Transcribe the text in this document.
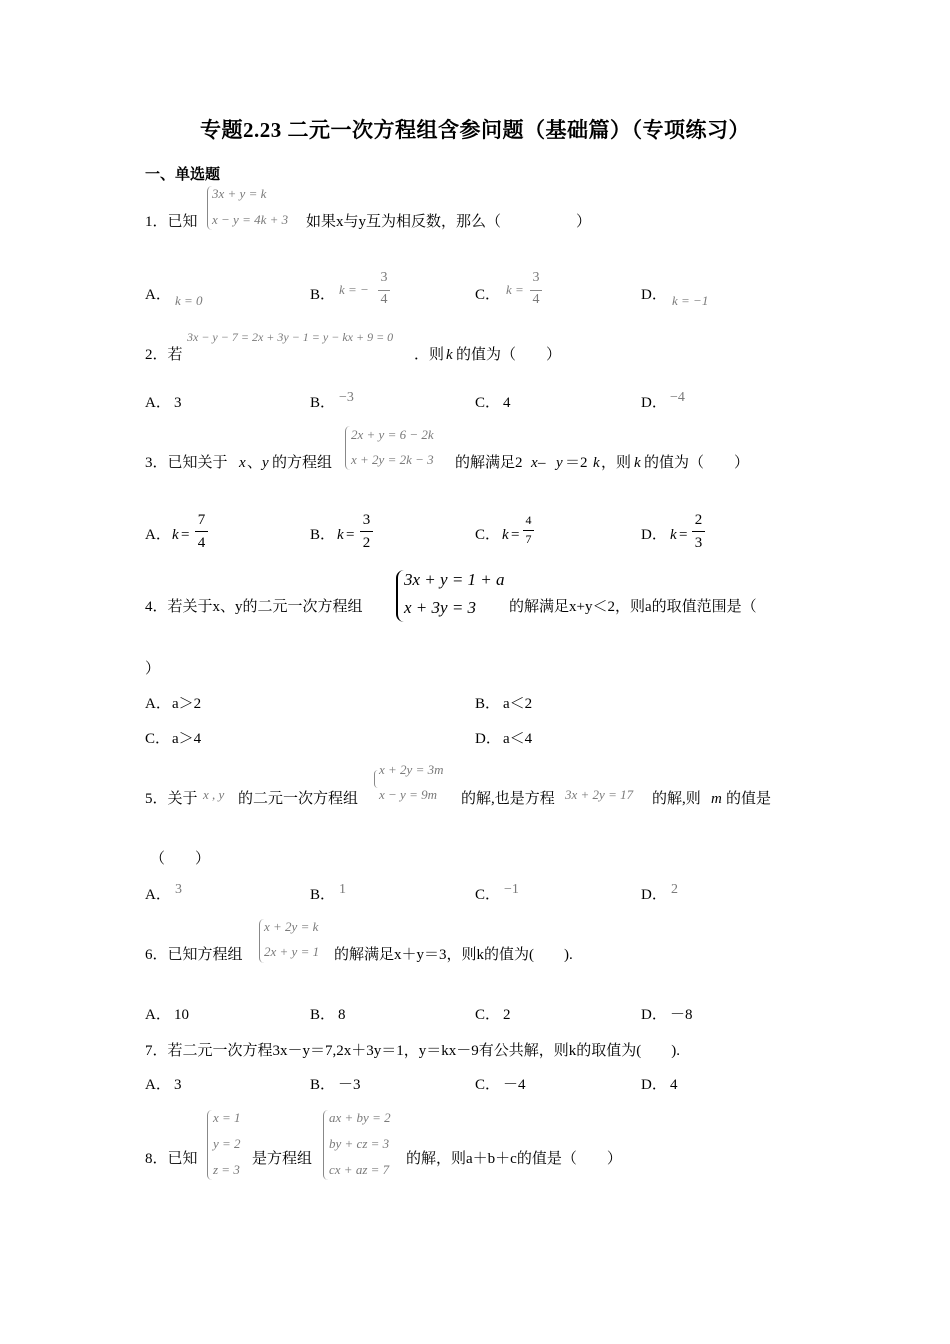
专题2.23 二元一次方程组含参问题（基础篇）（专项练习）
一、单选题
1．已知
3x + y = k
x − y = 4k + 3 如果x与y互为相反数，那么（　　　　　）
A． k = 0	B． k = −
3
4	C． k =
3
4	D． k = −1
2．若
3x − y − 7 = 2x + 3y − 1 = y − kx + 9 = 0
．则 k 的值为（　　）
A． 3	B． −3	C． 4	D． −4
3．已知关于 x 、 y 的方程组
2x + y = 6 − 2k
x + 2y = 2k − 3 的解满足2 x – y ＝2 k ，则 k 的值为（　　）
A． k =
7
4	B． k =
3
2	C． k =
4
7	D． k =
2
3
4．若关于x、y的二元一次方程组
3x + y = 1 + a
x + 3y = 3 的解满足x+y＜2，则a的取值范围是（
）
A． a＞2	B． a＜2
C． a＞4	D． a＜4
5．关于 x , y 的二元一次方程组
x + 2y = 3m
x − y = 9m 的解,也是方程 3x + 2y = 17 的解,则 m 的值是
（　　）
A． 3	B． 1	C． −1	D． 2
6．已知方程组
x + 2y = k
2x + y = 1 的解满足x＋y＝3，则k的值为(　　).
A． 10	B． 8	C． 2	D． －8
7．若二元一次方程3x－y＝7,2x＋3y＝1，y＝kx－9有公共解，则k的取值为(　　).
A． 3	B． －3	C． －4	D． 4
8．已知
x = 1
y = 2
z = 3
是方程组
ax + by = 2
by + cz = 3
cx + az = 7
的解，则a＋b＋c的值是（　　）
